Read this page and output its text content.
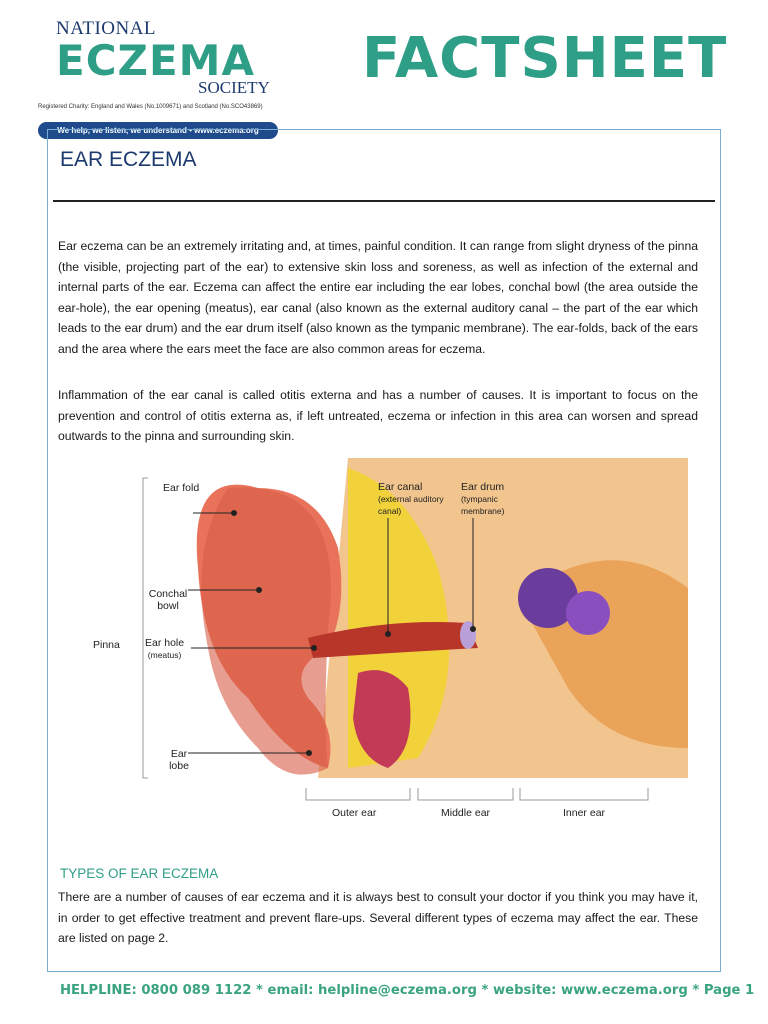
NATIONAL
ECZEMA
SOCIETY
Registered Charity: England and Wales (No.1009671) and Scotland (No.SCO43869)
We help, we listen, we understand • www.eczema.org
FACTSHEET
EAR ECZEMA
Ear eczema can be an extremely irritating and, at times, painful condition. It can range from slight dryness of the pinna (the visible, projecting part of the ear) to extensive skin loss and soreness, as well as infection of the external and internal parts of the ear. Eczema can affect the entire ear including the ear lobes, conchal bowl (the area outside the ear-hole), the ear opening (meatus), ear canal (also known as the external auditory canal – the part of the ear which leads to the ear drum) and the ear drum itself (also known as the tympanic membrane). The ear-folds, back of the ears and the area where the ears meet the face are also common areas for eczema.
Inflammation of the ear canal is called otitis externa and has a number of causes. It is important to focus on the prevention and control of otitis externa as, if left untreated, eczema or infection in this area can worsen and spread outwards to the pinna and surrounding skin.
Ear fold
Conchal bowl
Pinna Ear hole
(meatus)
Ear lobe
Ear canal
(external auditory canal)
Ear drum
(tympanic membrane)
Outer ear	Middle ear	Inner ear
TYPES OF EAR ECZEMA
There are a number of causes of ear eczema and it is always best to consult your doctor if you think you may have it, in order to get effective treatment and prevent flare-ups. Several different types of eczema may affect the ear. These are listed on page 2.
HELPLINE: 0800 089 1122 * email: helpline@eczema.org * website: www.eczema.org * Page 1
